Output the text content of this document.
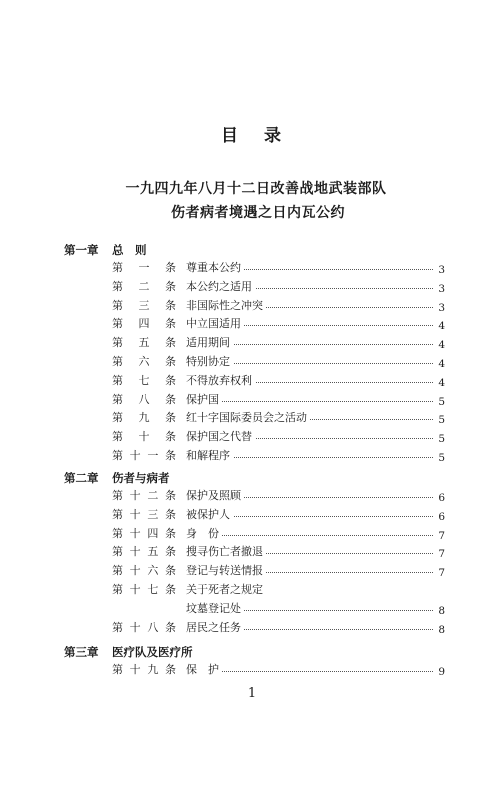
目 录
一九四九年八月十二日改善战地武装部队
伤者病者境遇之日内瓦公约
第一章 总　则
第 一 条 尊重本公约	3
第 二 条 本公约之适用	3
第 三 条 非国际性之冲突	3
第 四 条 中立国适用	4
第 五 条 适用期间	4
第 六 条 特别协定	4
第 七 条 不得放弃权利	4
第 八 条 保护国	5
第 九 条 红十字国际委员会之活动	5
第 十 条 保护国之代替	5
第 十 一 条 和解程序	5
第二章 伤者与病者
第 十 二 条 保护及照顾	6
第 十 三 条 被保护人	6
第 十 四 条 身　份	7
第 十 五 条 搜寻伤亡者撤退	7
第 十 六 条 登记与转送情报	7
第 十 七 条 关于死者之规定
坟墓登记处	8
第 十 八 条 居民之任务	8
第三章 医疗队及医疗所
第 十 九 条 保　护	9
1
